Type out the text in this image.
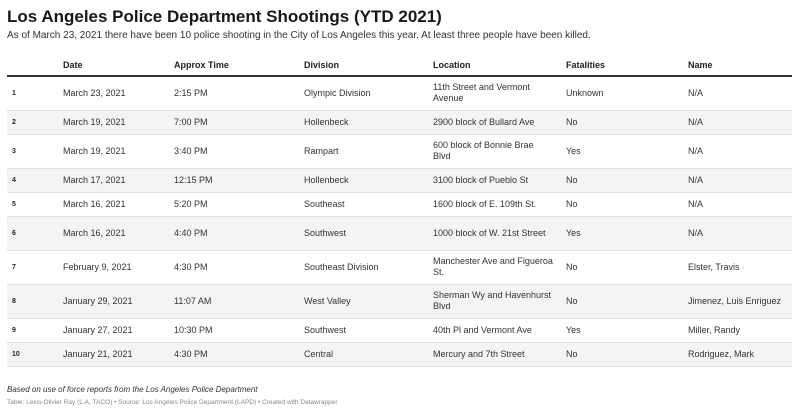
Los Angeles Police Department Shootings (YTD 2021)
As of March 23, 2021 there have been 10 police shooting in the City of Los Angeles this year. At least three people have been killed.
	Date	Approx Time	Division	Location	Fatalities	Name
1	March 23, 2021	2:15 PM	Olympic Division	11th Street and Vermont Avenue	Unknown	N/A
2	March 19, 2021	7:00 PM	Hollenbeck	2900 block of Bullard Ave	No	N/A
3	March 19, 2021	3:40 PM	Rampart	600 block of Bonnie Brae Blvd	Yes	N/A
4	March 17, 2021	12:15 PM	Hollenbeck	3100 block of Pueblo St	No	N/A
5	March 16, 2021	5:20 PM	Southeast	1600 block of E. 109th St.	No	N/A
6	March 16, 2021	4:40 PM	Southwest	1000 block of W. 21st Street	Yes	N/A
7	February 9, 2021	4:30 PM	Southeast Division	Manchester Ave and Figueroa St.	No	Elster, Travis
8	January 29, 2021	11:07 AM	West Valley	Sherman Wy and Havenhurst Blvd	No	Jimenez, Luis Enriguez
9	January 27, 2021	10:30 PM	Southwest	40th Pl and Vermont Ave	Yes	Miller, Randy
10	January 21, 2021	4:30 PM	Central	Mercury and 7th Street	No	Rodriguez, Mark
Based on use of force reports from the Los Angeles Police Department
Table: Lexis-Olivier Ray (L.A. TACO) • Source: Los Angeles Police Department (LAPD) • Created with Datawrapper
